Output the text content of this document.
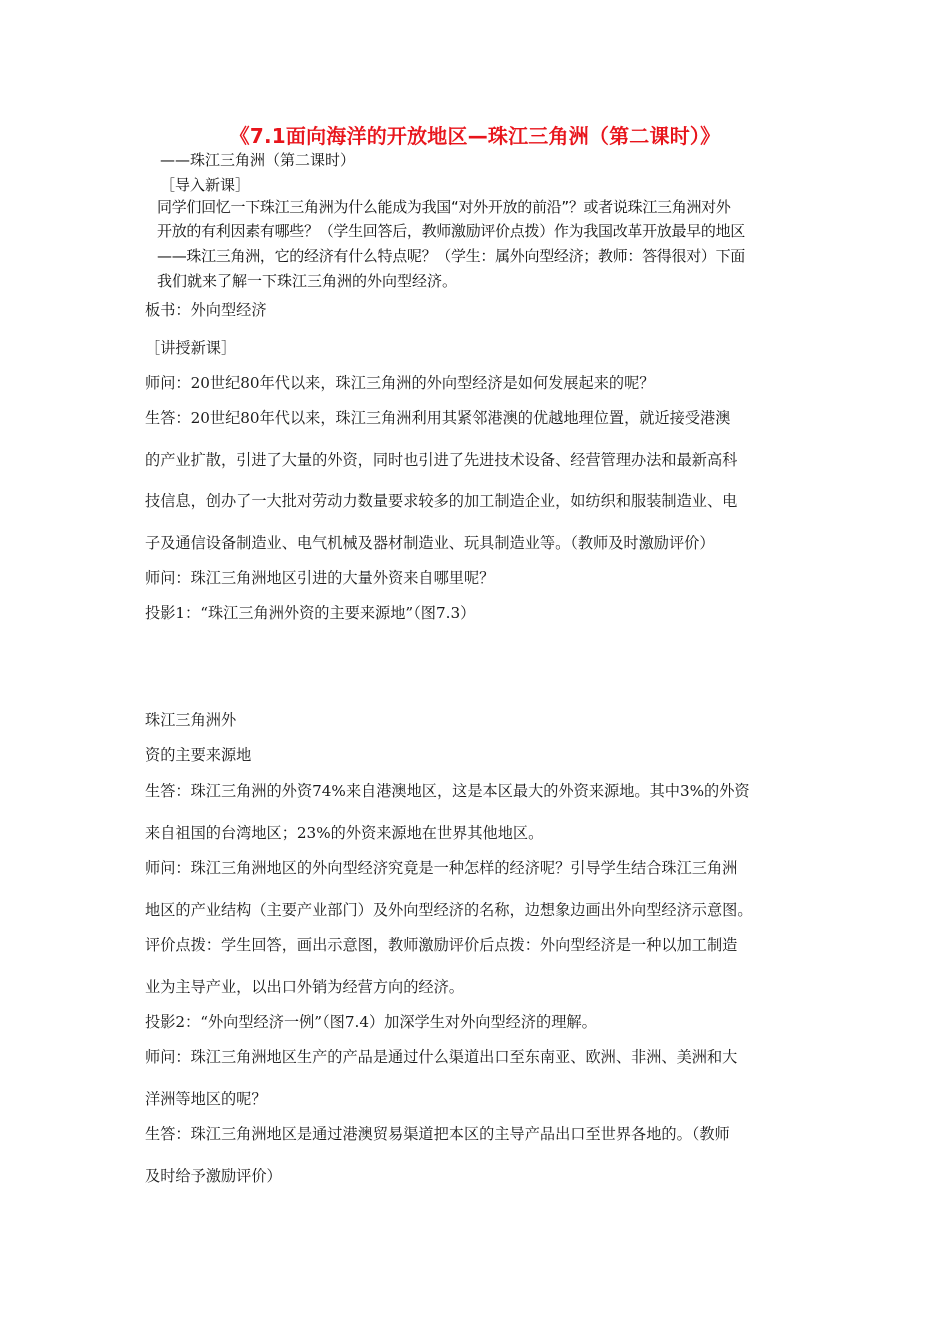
《7.1面向海洋的开放地区—珠江三角洲（第二课时）》
——珠江三角洲（第二课时）
［导入新课］
同学们回忆一下珠江三角洲为什么能成为我国“对外开放的前沿”？或者说珠江三角洲对外
开放的有利因素有哪些？（学生回答后，教师激励评价点拨）作为我国改革开放最早的地区
——珠江三角洲，它的经济有什么特点呢？（学生：属外向型经济；教师：答得很对）下面
我们就来了解一下珠江三角洲的外向型经济。
板书：外向型经济
［讲授新课］
师问：20世纪80年代以来，珠江三角洲的外向型经济是如何发展起来的呢？
生答：20世纪80年代以来，珠江三角洲利用其紧邻港澳的优越地理位置，就近接受港澳
的产业扩散，引进了大量的外资，同时也引进了先进技术设备、经营管理办法和最新高科
技信息，创办了一大批对劳动力数量要求较多的加工制造企业，如纺织和服装制造业、电
子及通信设备制造业、电气机械及器材制造业、玩具制造业等。（教师及时激励评价）
师问：珠江三角洲地区引进的大量外资来自哪里呢？
投影1：“珠江三角洲外资的主要来源地”（图7.3）
珠江三角洲外
资的主要来源地
生答：珠江三角洲的外资74%来自港澳地区，这是本区最大的外资来源地。其中3%的外资
来自祖国的台湾地区；23%的外资来源地在世界其他地区。
师问：珠江三角洲地区的外向型经济究竟是一种怎样的经济呢？引导学生结合珠江三角洲
地区的产业结构（主要产业部门）及外向型经济的名称，边想象边画出外向型经济示意图。
评价点拨：学生回答，画出示意图，教师激励评价后点拨：外向型经济是一种以加工制造
业为主导产业，以出口外销为经营方向的经济。
投影2：“外向型经济一例”（图7.4）加深学生对外向型经济的理解。
师问：珠江三角洲地区生产的产品是通过什么渠道出口至东南亚、欧洲、非洲、美洲和大
洋洲等地区的呢？
生答：珠江三角洲地区是通过港澳贸易渠道把本区的主导产品出口至世界各地的。（教师
及时给予激励评价）
